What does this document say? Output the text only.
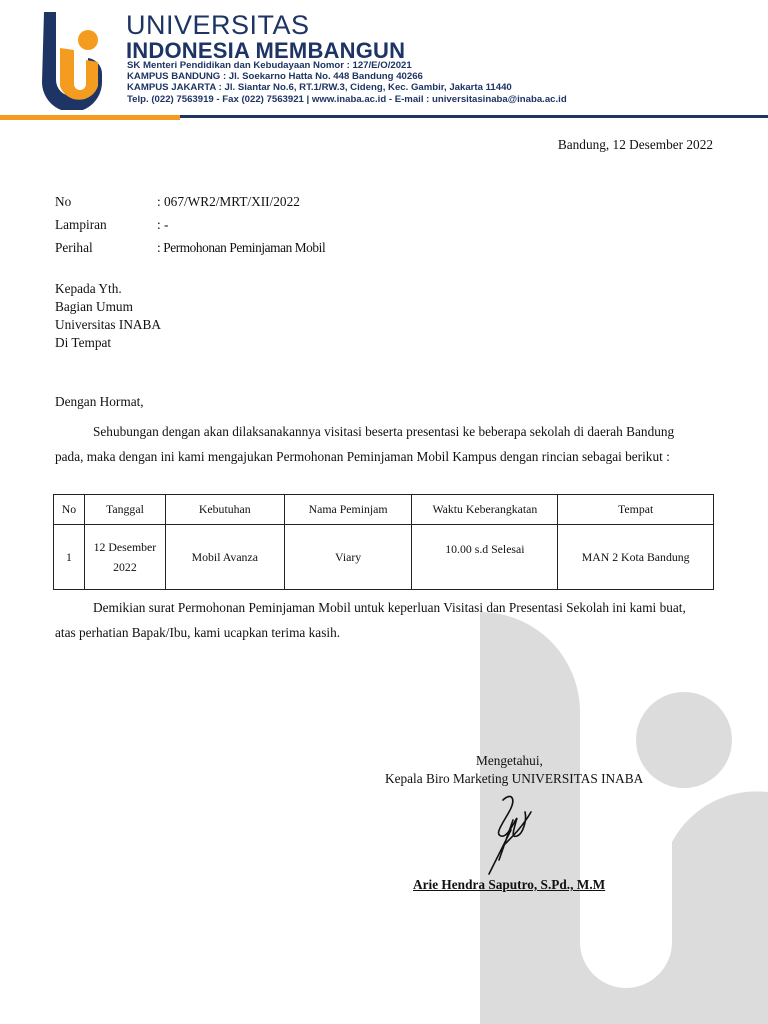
UNIVERSITAS
INDONESIA MEMBANGUN
SK Menteri Pendidikan dan Kebudayaan Nomor : 127/E/O/2021
KAMPUS BANDUNG : Jl. Soekarno Hatta No. 448 Bandung 40266
KAMPUS JAKARTA : Jl. Siantar No.6, RT.1/RW.3, Cideng, Kec. Gambir, Jakarta 11440
Telp. (022) 7563919 - Fax (022) 7563921 | www.inaba.ac.id - E-mail : universitasinaba@inaba.ac.id
Bandung, 12 Desember 2022
No	: 067/WR2/MRT/XII/2022
Lampiran	: -
Perihal	: Permohonan Peminjaman Mobil
Kepada Yth.
Bagian Umum
Universitas INABA
Di Tempat
Dengan Hormat,
Sehubungan dengan akan dilaksanakannya visitasi beserta presentasi ke beberapa sekolah di daerah Bandung
pada, maka dengan ini kami mengajukan Permohonan Peminjaman Mobil Kampus dengan rincian sebagai berikut :
No	Tanggal	Kebutuhan	Nama Peminjam	Waktu Keberangkatan	Tempat
1	12 Desember 2022	Mobil Avanza	Viary	10.00 s.d Selesai	MAN 2 Kota Bandung
Demikian surat Permohonan Peminjaman Mobil untuk keperluan Visitasi dan Presentasi Sekolah ini kami buat,
atas perhatian Bapak/Ibu, kami ucapkan terima kasih.
Mengetahui,
Kepala Biro Marketing UNIVERSITAS INABA
Arie Hendra Saputro, S.Pd., M.M
